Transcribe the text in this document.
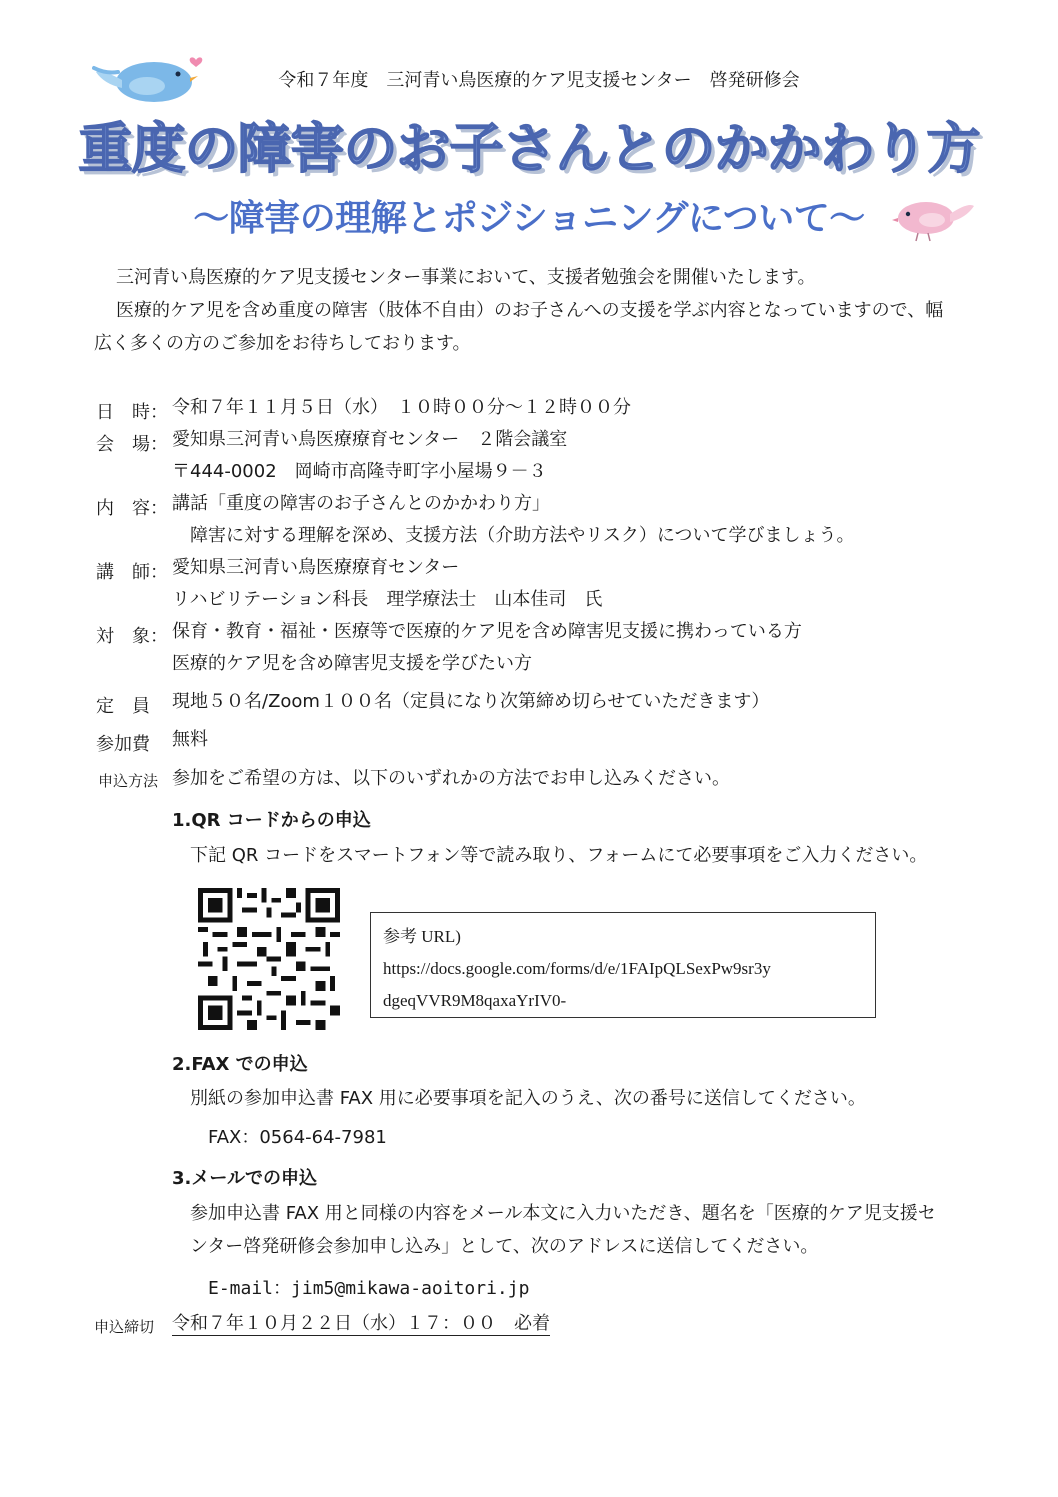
令和７年度　三河青い鳥医療的ケア児支援センター　啓発研修会
重度の障害のお子さんとのかかわり方
～障害の理解とポジショニングについて～
三河青い鳥医療的ケア児支援センター事業において、支援者勉強会を開催いたします。
医療的ケア児を含め重度の障害（肢体不自由）のお子さんへの支援を学ぶ内容となっていますので、幅
広く多くの方のご参加をお待ちしております。
日　時： 令和７年１１月５日（水）　１０時００分～１２時００分
会　場： 愛知県三河青い鳥医療療育センター　２階会議室
〒444-0002　岡崎市高隆寺町字小屋場９－３
内　容： 講話「重度の障害のお子さんとのかかわり方」
障害に対する理解を深め、支援方法（介助方法やリスク）について学びましょう。
講　師： 愛知県三河青い鳥医療療育センター
リハビリテーション科長　理学療法士　山本佳司　氏
対　象： 保育・教育・福祉・医療等で医療的ケア児を含め障害児支援に携わっている方
医療的ケア児を含め障害児支援を学びたい方
定　員 現地５０名/Zoom１００名（定員になり次第締め切らせていただきます）
参加費 無料
申込方法 参加をご希望の方は、以下のいずれかの方法でお申し込みください。
1.QR コードからの申込
下記 QR コードをスマートフォン等で読み取り、フォームにて必要事項をご入力ください。
参考 URL)
https://docs.google.com/forms/d/e/1FAIpQLSexPw9sr3y
dgeqVVR9M8qaxaYrIV0-
2.FAX での申込
別紙の参加申込書 FAX 用に必要事項を記入のうえ、次の番号に送信してください。
FAX：0564-64-7981
3.メールでの申込
参加申込書 FAX 用と同様の内容をメール本文に入力いただき、題名を「医療的ケア児支援セ
ンター啓発研修会参加申し込み」として、次のアドレスに送信してください。
E-mail：jim5@mikawa-aoitori.jp
申込締切 令和７年１０月２２日（水）１７：００　必着
